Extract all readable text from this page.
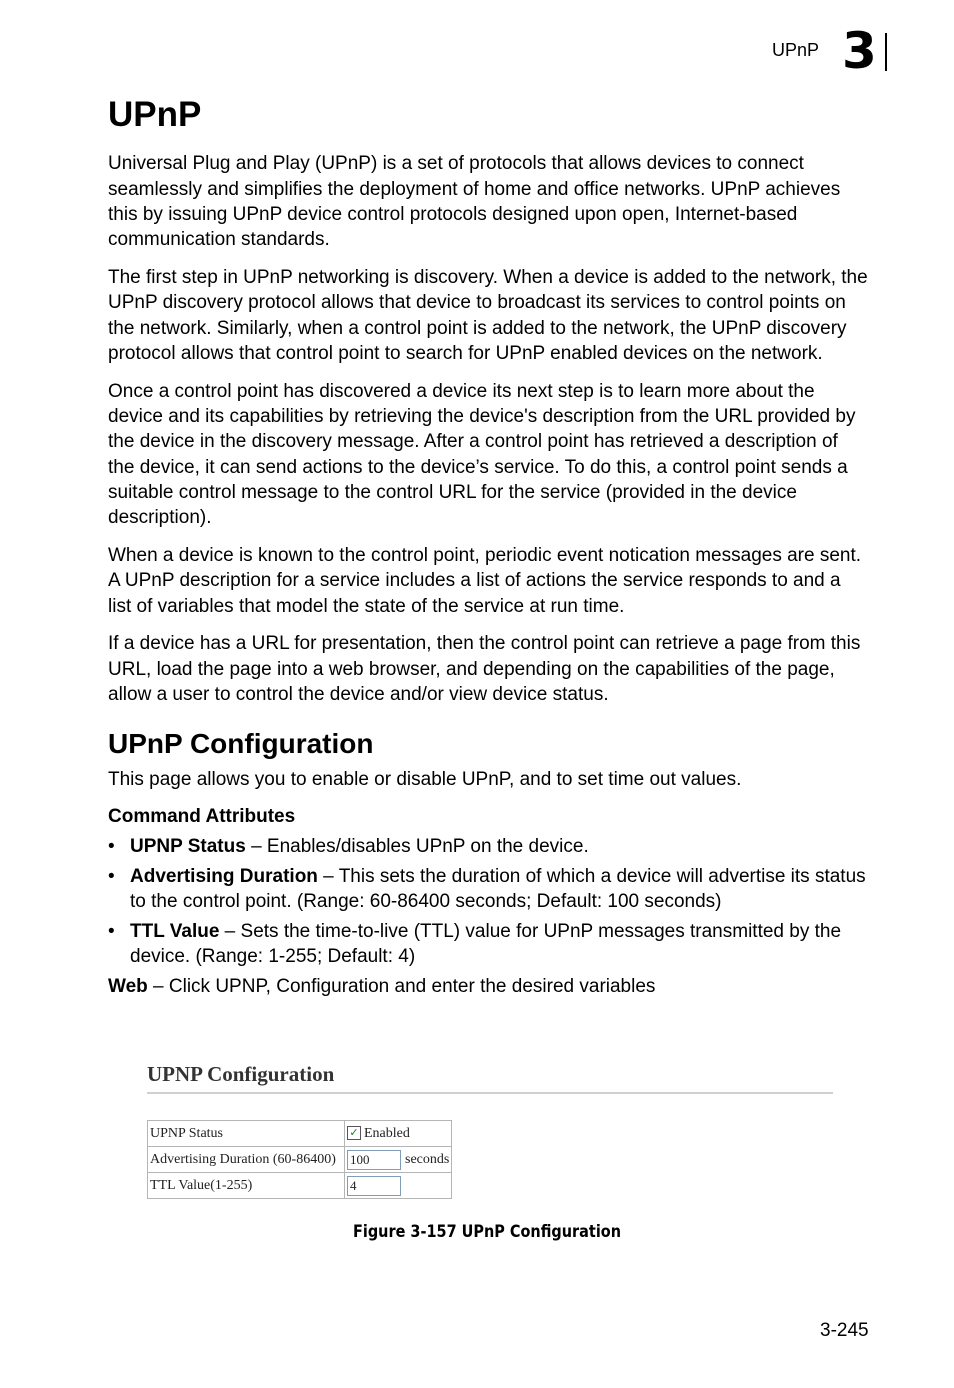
UPnP 3
UPnP

Universal Plug and Play (UPnP) is a set of protocols that allows devices to connect seamlessly and simplifies the deployment of home and office networks. UPnP achieves this by issuing UPnP device control protocols designed upon open, Internet-based communication standards.

The first step in UPnP networking is discovery. When a device is added to the network, the UPnP discovery protocol allows that device to broadcast its services to control points on the network. Similarly, when a control point is added to the network, the UPnP discovery protocol allows that control point to search for UPnP enabled devices on the network.

Once a control point has discovered a device its next step is to learn more about the device and its capabilities by retrieving the device's description from the URL provided by the device in the discovery message. After a control point has retrieved a description of the device, it can send actions to the device’s service. To do this, a control point sends a suitable control message to the control URL for the service (provided in the device description).

When a device is known to the control point, periodic event notication messages are sent. A UPnP description for a service includes a list of actions the service responds to and a list of variables that model the state of the service at run time.

If a device has a URL for presentation, then the control point can retrieve a page from this URL, load the page into a web browser, and depending on the capabilities of the page, allow a user to control the device and/or view device status.

UPnP Configuration

This page allows you to enable or disable UPnP, and to set time out values.

Command Attributes
• UPNP Status – Enables/disables UPnP on the device.
• Advertising Duration – This sets the duration of which a device will advertise its status to the control point. (Range: 60-86400 seconds; Default: 100 seconds)
• TTL Value – Sets the time-to-live (TTL) value for UPnP messages transmitted by the device. (Range: 1-255; Default: 4)

Web – Click UPNP, Configuration and enter the desired variables

UPNP Configuration
UPNP Status	✓ Enabled
Advertising Duration (60-86400)	100 seconds
TTL Value(1-255)	4
Figure 3-157 UPnP Configuration
3-245
